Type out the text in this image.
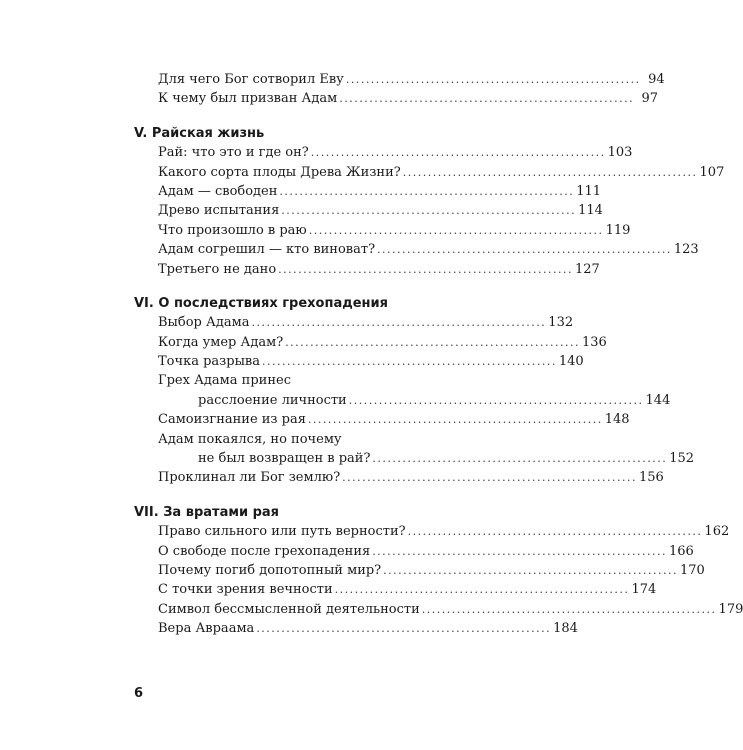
Для чего Бог сотворил Еву ........................................................... 94
К чему был призван Адам ........................................................... 97
V. Райская жизнь
Рай: что это и где он? ........................................................... 103
Какого сорта плоды Древа Жизни? ........................................................... 107
Адам — свободен ........................................................... 111
Древо испытания ........................................................... 114
Что произошло в раю ........................................................... 119
Адам согрешил — кто виноват? ........................................................... 123
Третьего не дано ........................................................... 127
VI. О последствиях грехопадения
Выбор Адама ........................................................... 132
Когда умер Адам? ........................................................... 136
Точка разрыва ........................................................... 140
Грех Адама принес
расслоение личности ........................................................... 144
Самоизгнание из рая ........................................................... 148
Адам покаялся, но почему
не был возвращен в рай? ........................................................... 152
Проклинал ли Бог землю? ........................................................... 156
VII. За вратами рая
Право сильного или путь верности? ........................................................... 162
О свободе после грехопадения ........................................................... 166
Почему погиб допотопный мир? ........................................................... 170
С точки зрения вечности ........................................................... 174
Символ бессмысленной деятельности ........................................................... 179
Вера Авраама ........................................................... 184
6
